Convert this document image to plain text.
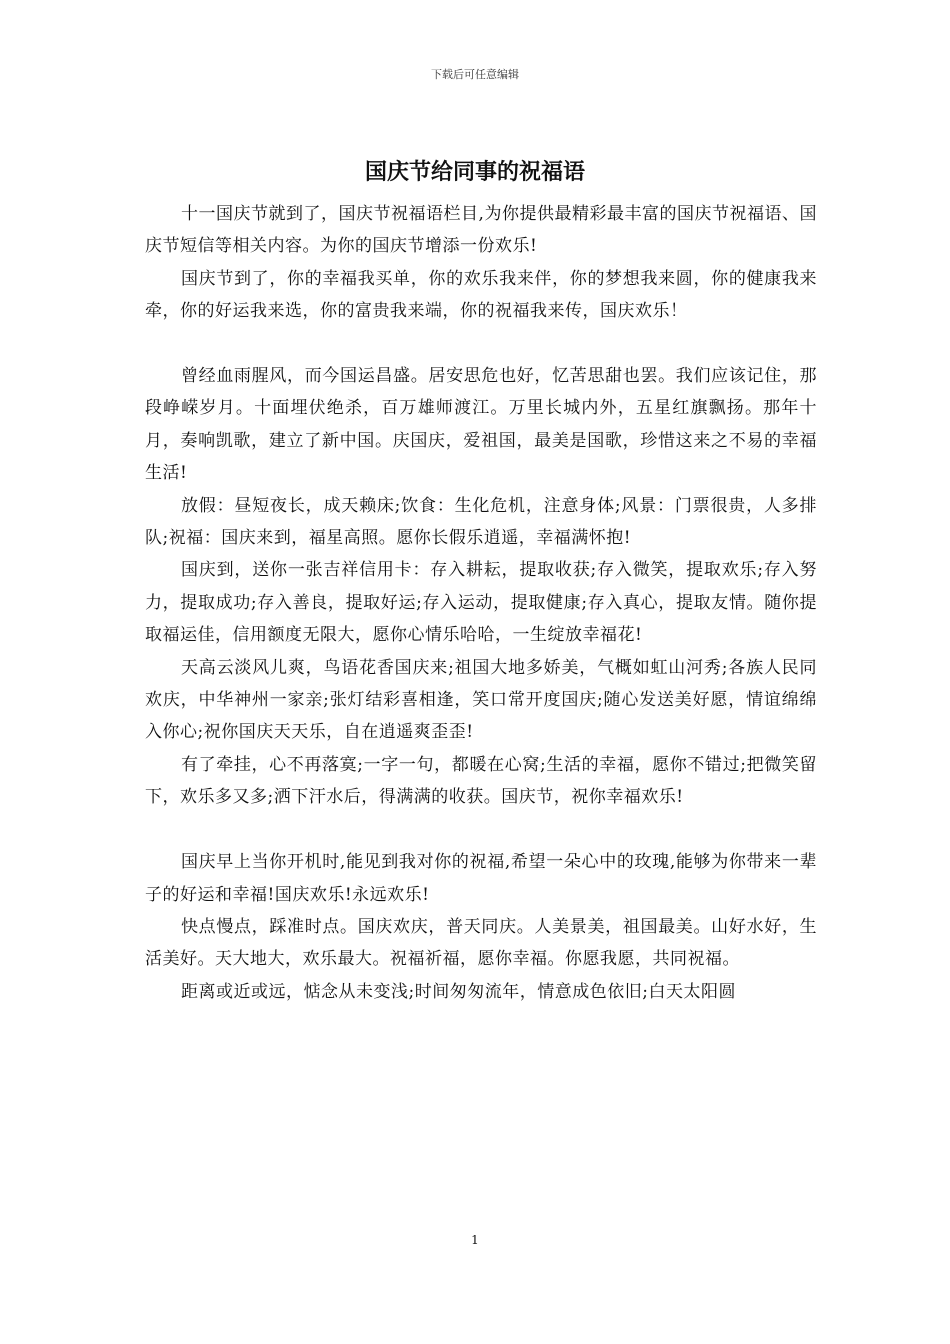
下载后可任意编辑
国庆节给同事的祝福语

十一国庆节就到了，国庆节祝福语栏目,为你提供最精彩最丰富的国庆节祝福语、国庆节短信等相关内容。为你的国庆节增添一份欢乐!

国庆节到了，你的幸福我买单，你的欢乐我来伴，你的梦想我来圆，你的健康我来牵，你的好运我来选，你的富贵我来端，你的祝福我来传，国庆欢乐！

曾经血雨腥风，而今国运昌盛。居安思危也好，忆苦思甜也罢。我们应该记住，那段峥嵘岁月。十面埋伏绝杀，百万雄师渡江。万里长城内外，五星红旗飘扬。那年十月，奏响凯歌，建立了新中国。庆国庆，爱祖国，最美是国歌，珍惜这来之不易的幸福生活!

放假：昼短夜长，成天赖床;饮食：生化危机，注意身体;风景：门票很贵，人多排队;祝福：国庆来到，福星高照。愿你长假乐逍遥，幸福满怀抱!

国庆到，送你一张吉祥信用卡：存入耕耘，提取收获;存入微笑，提取欢乐;存入努力，提取成功;存入善良，提取好运;存入运动，提取健康;存入真心，提取友情。随你提取福运佳，信用额度无限大，愿你心情乐哈哈，一生绽放幸福花!

天高云淡风儿爽，鸟语花香国庆来;祖国大地多娇美，气概如虹山河秀;各族人民同欢庆，中华神州一家亲;张灯结彩喜相逢，笑口常开度国庆;随心发送美好愿，情谊绵绵入你心;祝你国庆天天乐，自在逍遥爽歪歪!

有了牵挂，心不再落寞;一字一句，都暖在心窝;生活的幸福，愿你不错过;把微笑留下，欢乐多又多;洒下汗水后，得满满的收获。国庆节，祝你幸福欢乐!

国庆早上当你开机时,能见到我对你的祝福,希望一朵心中的玫瑰,能够为你带来一辈子的好运和幸福!国庆欢乐!永远欢乐!

快点慢点，踩准时点。国庆欢庆，普天同庆。人美景美，祖国最美。山好水好，生活美好。天大地大，欢乐最大。祝福祈福，愿你幸福。你愿我愿，共同祝福。

距离或近或远，惦念从未变浅;时间匆匆流年，情意成色依旧;白天太阳圆

1
